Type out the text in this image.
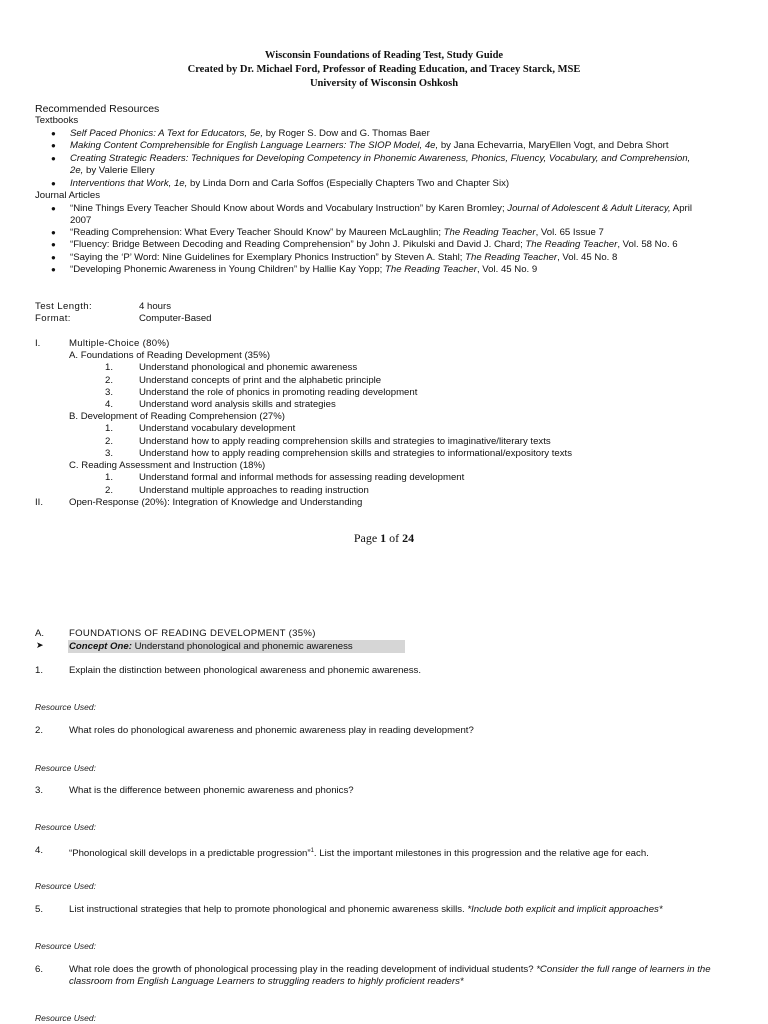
Wisconsin Foundations of Reading Test, Study Guide
Created by Dr. Michael Ford, Professor of Reading Education, and Tracey Starck, MSE
University of Wisconsin Oshkosh
Recommended Resources
Textbooks
● Self Paced Phonics: A Text for Educators, 5e, by Roger S. Dow and G. Thomas Baer
● Making Content Comprehensible for English Language Learners: The SIOP Model, 4e, by Jana Echevarria, MaryEllen Vogt, and Debra Short
● Creating Strategic Readers: Techniques for Developing Competency in Phonemic Awareness, Phonics, Fluency, Vocabulary, and Comprehension,
2e, by Valerie Ellery
● Interventions that Work, 1e, by Linda Dorn and Carla Soffos (Especially Chapters Two and Chapter Six)
Journal Articles
● “Nine Things Every Teacher Should Know about Words and Vocabulary Instruction” by Karen Bromley; Journal of Adolescent & Adult Literacy, April
2007
● “Reading Comprehension: What Every Teacher Should Know” by Maureen McLaughlin; The Reading Teacher, Vol. 65 Issue 7
● “Fluency: Bridge Between Decoding and Reading Comprehension” by John J. Pikulski and David J. Chard; The Reading Teacher, Vol. 58 No. 6
● “Saying the ‘P’ Word: Nine Guidelines for Exemplary Phonics Instruction” by Steven A. Stahl; The Reading Teacher, Vol. 45 No. 8
● “Developing Phonemic Awareness in Young Children” by Hallie Kay Yopp; The Reading Teacher, Vol. 45 No. 9
Test Length:	4 hours
Format:	Computer-Based
I.	Multiple-Choice (80%)
A. Foundations of Reading Development (35%)
1.	Understand phonological and phonemic awareness
2.	Understand concepts of print and the alphabetic principle
3.	Understand the role of phonics in promoting reading development
4.	Understand word analysis skills and strategies
B. Development of Reading Comprehension (27%)
1.	Understand vocabulary development
2.	Understand how to apply reading comprehension skills and strategies to imaginative/literary texts
3.	Understand how to apply reading comprehension skills and strategies to informational/expository texts
C. Reading Assessment and Instruction (18%)
1.	Understand formal and informal methods for assessing reading development
2.	Understand multiple approaches to reading instruction
II.	Open-Response (20%): Integration of Knowledge and Understanding
Page 1 of 24
A.	FOUNDATIONS OF READING DEVELOPMENT (35%)
➤	Concept One: Understand phonological and phonemic awareness
1.	Explain the distinction between phonological awareness and phonemic awareness.
Resource Used:
2.	What roles do phonological awareness and phonemic awareness play in reading development?
Resource Used:
3.	What is the difference between phonemic awareness and phonics?
Resource Used:
4.	“Phonological skill develops in a predictable progression”$^1$. List the important milestones in this progression and the relative age for each.
Resource Used:
5.	List instructional strategies that help to promote phonological and phonemic awareness skills. *Include both explicit and implicit approaches*
Resource Used:
6.	What role does the growth of phonological processing play in the reading development of individual students? *Consider the full range of learners in the classroom from English Language Learners to struggling readers to highly proficient readers*
Resource Used:
